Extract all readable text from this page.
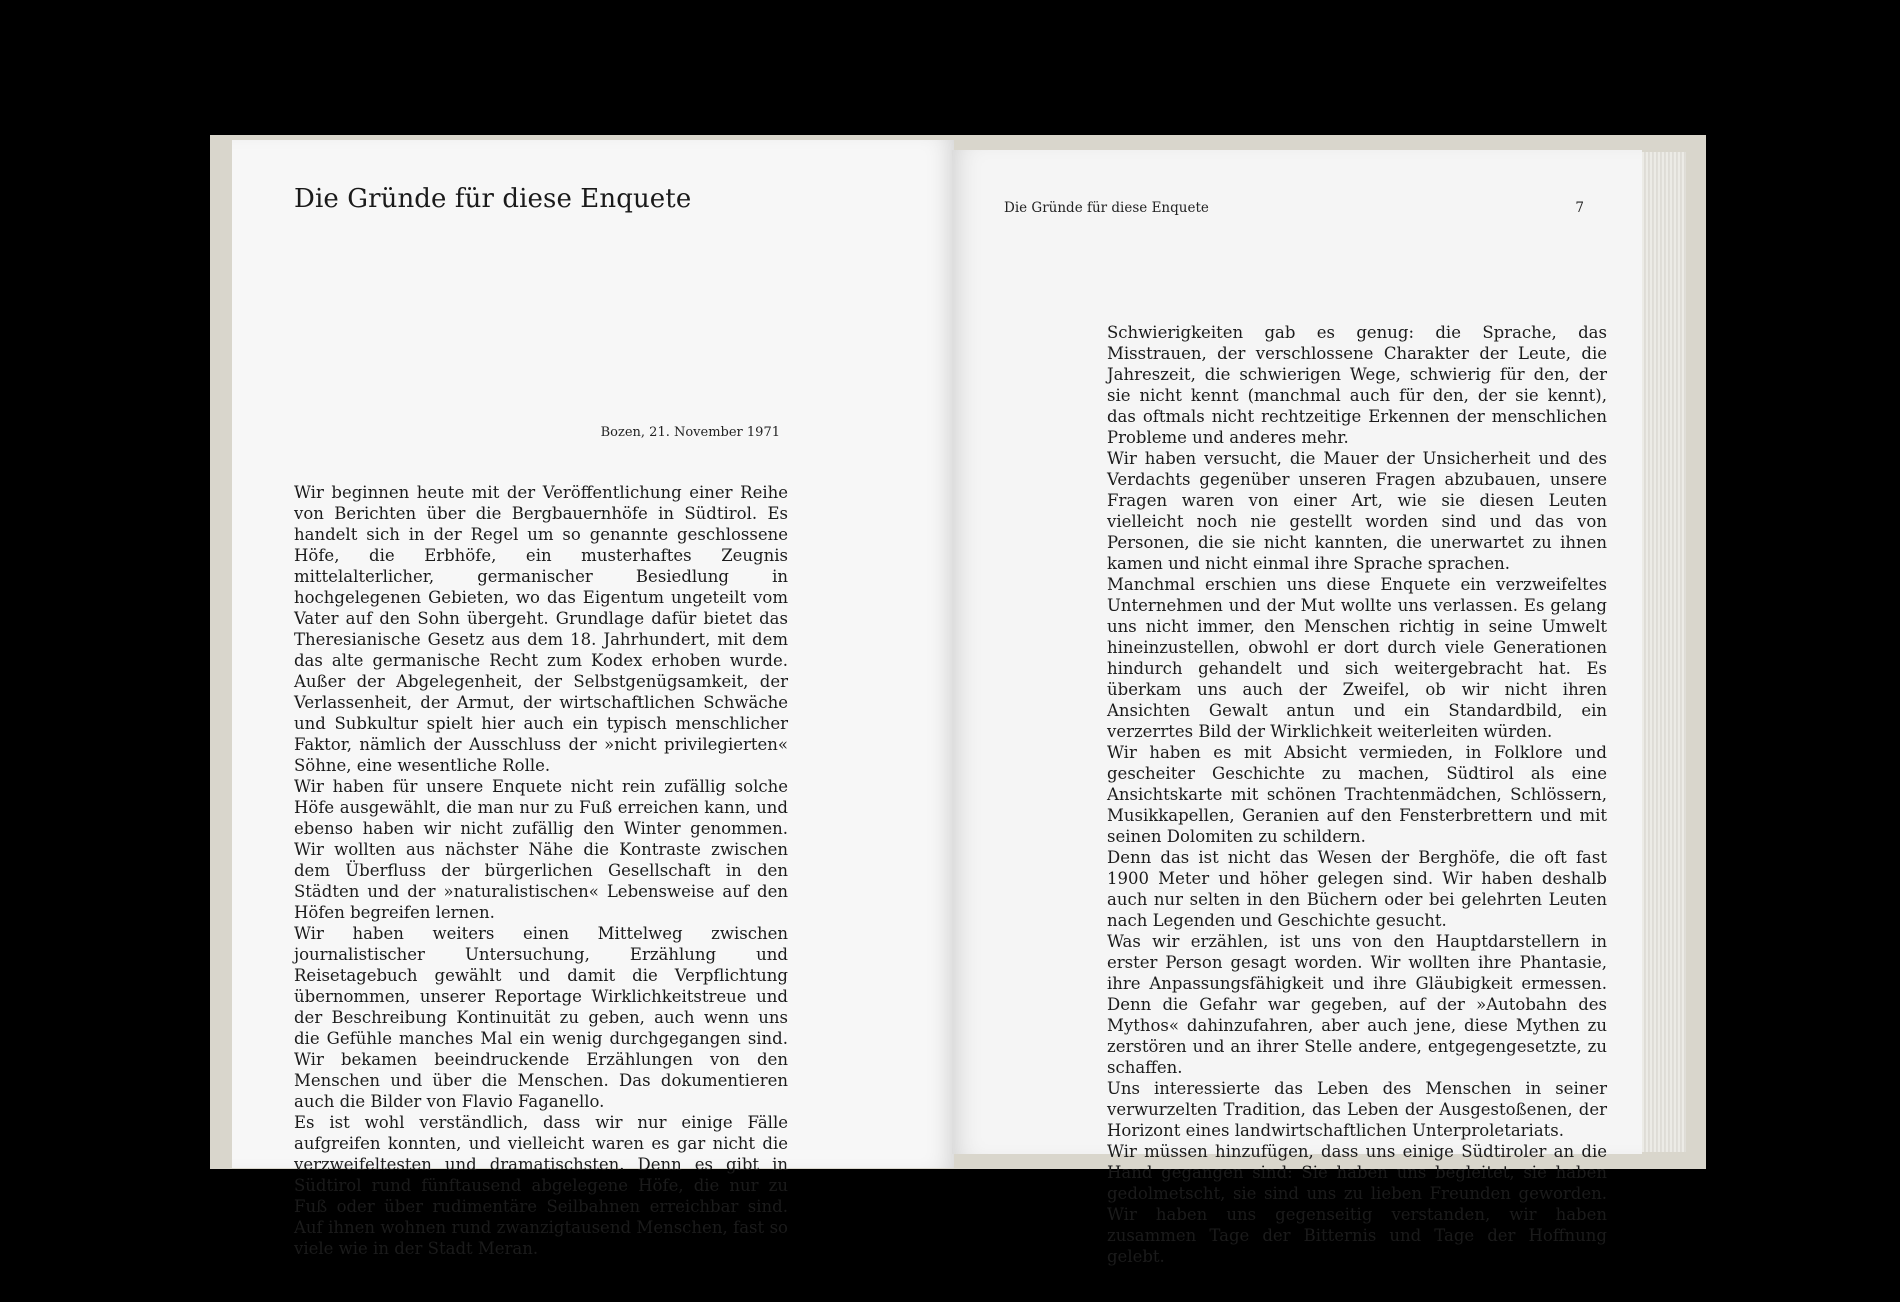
Die Gründe für diese Enquete
Bozen, 21. November 1971

Wir beginnen heute mit der Veröffentlichung einer Reihe von Berichten über die Bergbauernhöfe in Südtirol. Es handelt sich in der Regel um so genannte geschlossene Höfe, die Erbhöfe, ein musterhaftes Zeugnis mittelalterlicher, germanischer Besiedlung in hochgelegenen Gebieten, wo das Eigentum ungeteilt vom Vater auf den Sohn übergeht. Grundlage dafür bietet das Theresianische Gesetz aus dem 18. Jahrhundert, mit dem das alte germanische Recht zum Kodex erhoben wurde. Außer der Abgelegenheit, der Selbstgenügsamkeit, der Verlassenheit, der Armut, der wirtschaftlichen Schwäche und Subkultur spielt hier auch ein typisch menschlicher Faktor, nämlich der Ausschluss der »nicht privilegierten« Söhne, eine wesentliche Rolle.

Wir haben für unsere Enquete nicht rein zufällig solche Höfe ausgewählt, die man nur zu Fuß erreichen kann, und ebenso haben wir nicht zufällig den Winter genommen. Wir wollten aus nächster Nähe die Kontraste zwischen dem Überfluss der bürgerlichen Gesellschaft in den Städten und der »naturalistischen« Lebensweise auf den Höfen begreifen lernen.

Wir haben weiters einen Mittelweg zwischen journalistischer Untersuchung, Erzählung und Reisetagebuch gewählt und damit die Verpflichtung übernommen, unserer Reportage Wirklichkeitstreue und der Beschreibung Kontinuität zu geben, auch wenn uns die Gefühle manches Mal ein wenig durchgegangen sind. Wir bekamen beeindruckende Erzählungen von den Menschen und über die Menschen. Das dokumentieren auch die Bilder von Flavio Faganello.

Es ist wohl verständlich, dass wir nur einige Fälle aufgreifen konnten, und vielleicht waren es gar nicht die verzweifeltesten und dramatischsten. Denn es gibt in Südtirol rund fünftausend abgelegene Höfe, die nur zu Fuß oder über rudimentäre Seilbahnen erreichbar sind. Auf ihnen wohnen rund zwanzigtausend Menschen, fast so viele wie in der Stadt Meran.

Die Gründe für diese Enquete	7

Schwierigkeiten gab es genug: die Sprache, das Misstrauen, der verschlossene Charakter der Leute, die Jahreszeit, die schwierigen Wege, schwierig für den, der sie nicht kennt (manchmal auch für den, der sie kennt), das oftmals nicht rechtzeitige Erkennen der menschlichen Probleme und anderes mehr.

Wir haben versucht, die Mauer der Unsicherheit und des Verdachts gegenüber unseren Fragen abzubauen, unsere Fragen waren von einer Art, wie sie diesen Leuten vielleicht noch nie gestellt worden sind und das von Personen, die sie nicht kannten, die unerwartet zu ihnen kamen und nicht einmal ihre Sprache sprachen.

Manchmal erschien uns diese Enquete ein verzweifeltes Unternehmen und der Mut wollte uns verlassen. Es gelang uns nicht immer, den Menschen richtig in seine Umwelt hineinzustellen, obwohl er dort durch viele Generationen hindurch gehandelt und sich weitergebracht hat. Es überkam uns auch der Zweifel, ob wir nicht ihren Ansichten Gewalt antun und ein Standardbild, ein verzerrtes Bild der Wirklichkeit weiterleiten würden.

Wir haben es mit Absicht vermieden, in Folklore und gescheiter Geschichte zu machen, Südtirol als eine Ansichtskarte mit schönen Trachtenmädchen, Schlössern, Musikkapellen, Geranien auf den Fensterbrettern und mit seinen Dolomiten zu schildern.

Denn das ist nicht das Wesen der Berghöfe, die oft fast 1900 Meter und höher gelegen sind. Wir haben deshalb auch nur selten in den Büchern oder bei gelehrten Leuten nach Legenden und Geschichte gesucht.

Was wir erzählen, ist uns von den Hauptdarstellern in erster Person gesagt worden. Wir wollten ihre Phantasie, ihre Anpassungsfähigkeit und ihre Gläubigkeit ermessen. Denn die Gefahr war gegeben, auf der »Autobahn des Mythos« dahinzufahren, aber auch jene, diese Mythen zu zerstören und an ihrer Stelle andere, entgegengesetzte, zu schaffen.

Uns interessierte das Leben des Menschen in seiner verwurzelten Tradition, das Leben der Ausgestoßenen, der Horizont eines landwirtschaftlichen Unterproletariats.

Wir müssen hinzufügen, dass uns einige Südtiroler an die Hand gegangen sind: Sie haben uns begleitet, sie haben gedolmetscht, sie sind uns zu lieben Freunden geworden. Wir haben uns gegenseitig verstanden, wir haben zusammen Tage der Bitternis und Tage der Hoffnung gelebt.
